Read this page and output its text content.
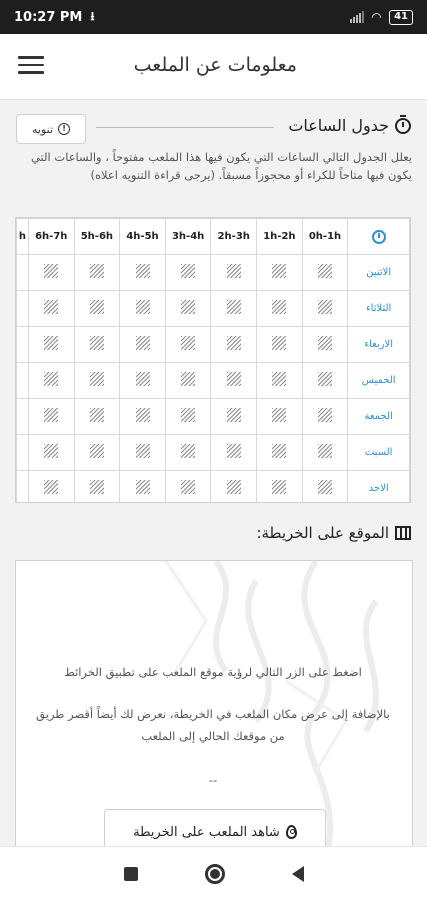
10:27 PM ⭳	◠	41
معلومات عن الملعب
جدول الساعات
!
تنويه
يعلل الجدول التالي الساعات التي يكون فيها هذا الملعب مفتوحاً ، والساعات التي يكون فيها متاحاً للكراء أو محجوزاً مسبقاً. (يرجى قراءة التنويه اعلاه)
h	6h-7h	5h-6h	4h-5h	3h-4h	2h-3h	1h-2h	0h-1h	
								الاثنين
								الثلاثاء
								الاربعاء
								الخميس
								الجمعة
								السبت
								الاحد
الموقع على الخريطة:
اضغط على الزر التالي لرؤية موقع الملعب على تطبيق الخرائط
بالإضافة إلى عرض مكان الملعب في الخريطة، نعرض لك أيضاً أقصر طريق من موقعك الحالي إلى الملعب
--
شاهد الملعب على الخريطة
